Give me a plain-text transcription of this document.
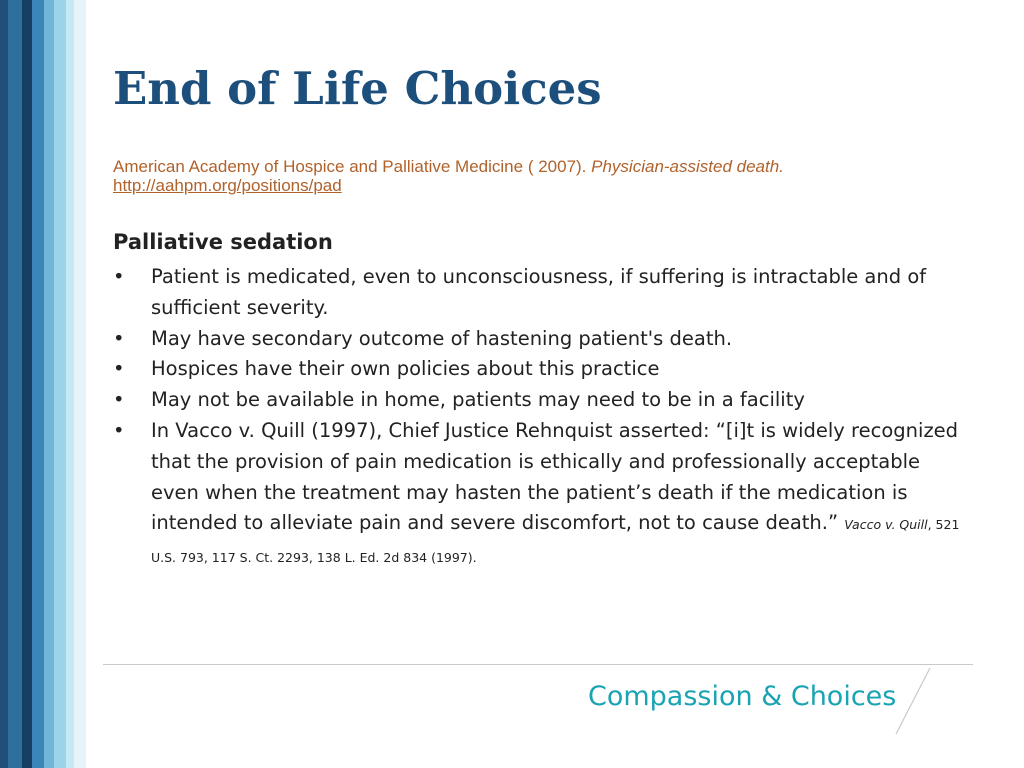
End of Life Choices
American Academy of Hospice and Palliative Medicine ( 2007). Physician-assisted death.
http://aahpm.org/positions/pad
Palliative sedation
• Patient is medicated, even to unconsciousness, if suffering is intractable and of sufficient severity.
• May have secondary outcome of hastening patient's death.
• Hospices have their own policies about this practice
• May not be available in home, patients may need to be in a facility
• In Vacco v. Quill (1997), Chief Justice Rehnquist asserted: “[i]t is widely recognized that the provision of pain medication is ethically and professionally acceptable even when the treatment may hasten the patient’s death if the medication is intended to alleviate pain and severe discomfort, not to cause death.” Vacco v. Quill, 521 U.S. 793, 117 S. Ct. 2293, 138 L. Ed. 2d 834 (1997).
Compassion & Choices
